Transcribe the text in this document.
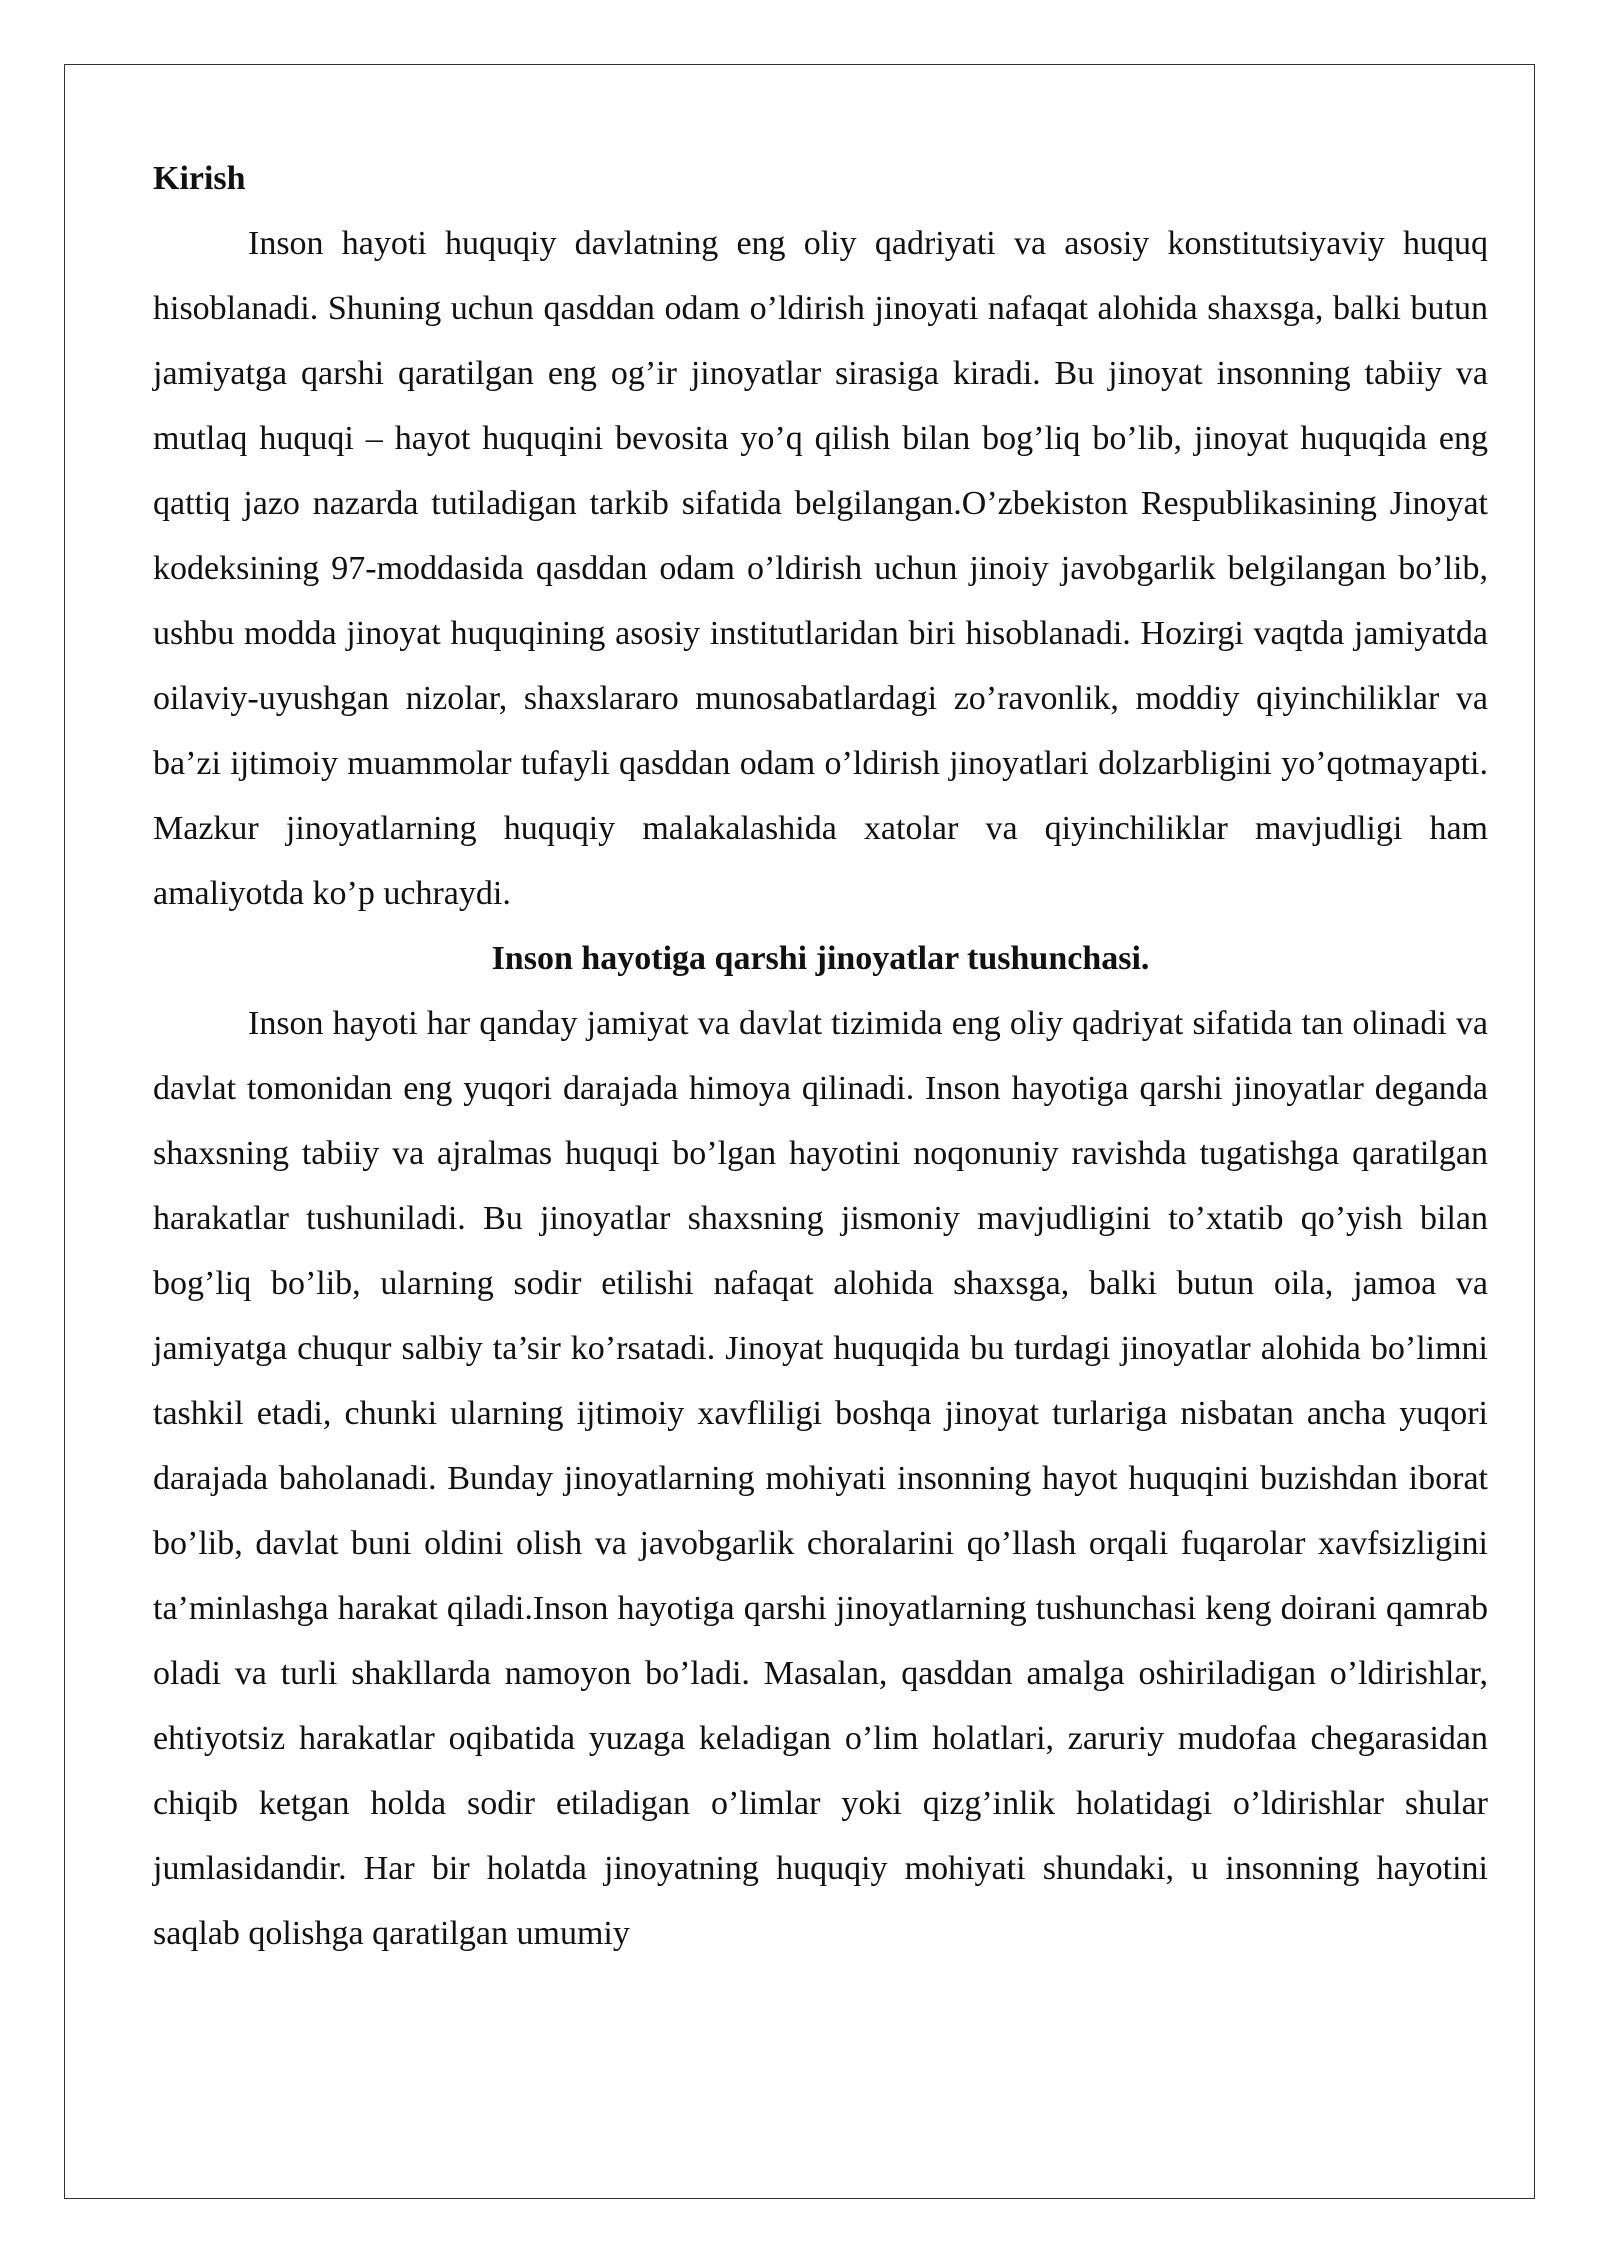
Kirish

Inson hayoti huquqiy davlatning eng oliy qadriyati va asosiy konstitutsiyaviy huquq hisoblanadi. Shuning uchun qasddan odam o’ldirish jinoyati nafaqat alohida shaxsga, balki butun jamiyatga qarshi qaratilgan eng og’ir jinoyatlar sirasiga kiradi. Bu jinoyat insonning tabiiy va mutlaq huquqi – hayot huquqini bevosita yo’q qilish bilan bog’liq bo’lib, jinoyat huquqida eng qattiq jazo nazarda tutiladigan tarkib sifatida belgilangan.O’zbekiston Respublikasining Jinoyat kodeksining 97-moddasida qasddan odam o’ldirish uchun jinoiy javobgarlik belgilangan bo’lib, ushbu modda jinoyat huquqining asosiy institutlaridan biri hisoblanadi. Hozirgi vaqtda jamiyatda oilaviy-uyushgan nizolar, shaxslararo munosabatlardagi zo’ravonlik, moddiy qiyinchiliklar va ba’zi ijtimoiy muammolar tufayli qasddan odam o’ldirish jinoyatlari dolzarbligini yo’qotmayapti. Mazkur jinoyatlarning huquqiy malakalashida xatolar va qiyinchiliklar mavjudligi ham amaliyotda ko’p uchraydi.

Inson hayotiga qarshi jinoyatlar tushunchasi.

Inson hayoti har qanday jamiyat va davlat tizimida eng oliy qadriyat sifatida tan olinadi va davlat tomonidan eng yuqori darajada himoya qilinadi. Inson hayotiga qarshi jinoyatlar deganda shaxsning tabiiy va ajralmas huquqi bo’lgan hayotini noqonuniy ravishda tugatishga qaratilgan harakatlar tushuniladi. Bu jinoyatlar shaxsning jismoniy mavjudligini to’xtatib qo’yish bilan bog’liq bo’lib, ularning sodir etilishi nafaqat alohida shaxsga, balki butun oila, jamoa va jamiyatga chuqur salbiy ta’sir ko’rsatadi. Jinoyat huquqida bu turdagi jinoyatlar alohida bo’limni tashkil etadi, chunki ularning ijtimoiy xavfliligi boshqa jinoyat turlariga nisbatan ancha yuqori darajada baholanadi. Bunday jinoyatlarning mohiyati insonning hayot huquqini buzishdan iborat bo’lib, davlat buni oldini olish va javobgarlik choralarini qo’llash orqali fuqarolar xavfsizligini ta’minlashga harakat qiladi.Inson hayotiga qarshi jinoyatlarning tushunchasi keng doirani qamrab oladi va turli shakllarda namoyon bo’ladi. Masalan, qasddan amalga oshiriladigan o’ldirishlar, ehtiyotsiz harakatlar oqibatida yuzaga keladigan o’lim holatlari, zaruriy mudofaa chegarasidan chiqib ketgan holda sodir etiladigan o’limlar yoki qizg’inlik holatidagi o’ldirishlar shular jumlasidandir. Har bir holatda jinoyatning huquqiy mohiyati shundaki, u insonning hayotini saqlab qolishga qaratilgan umumiy
